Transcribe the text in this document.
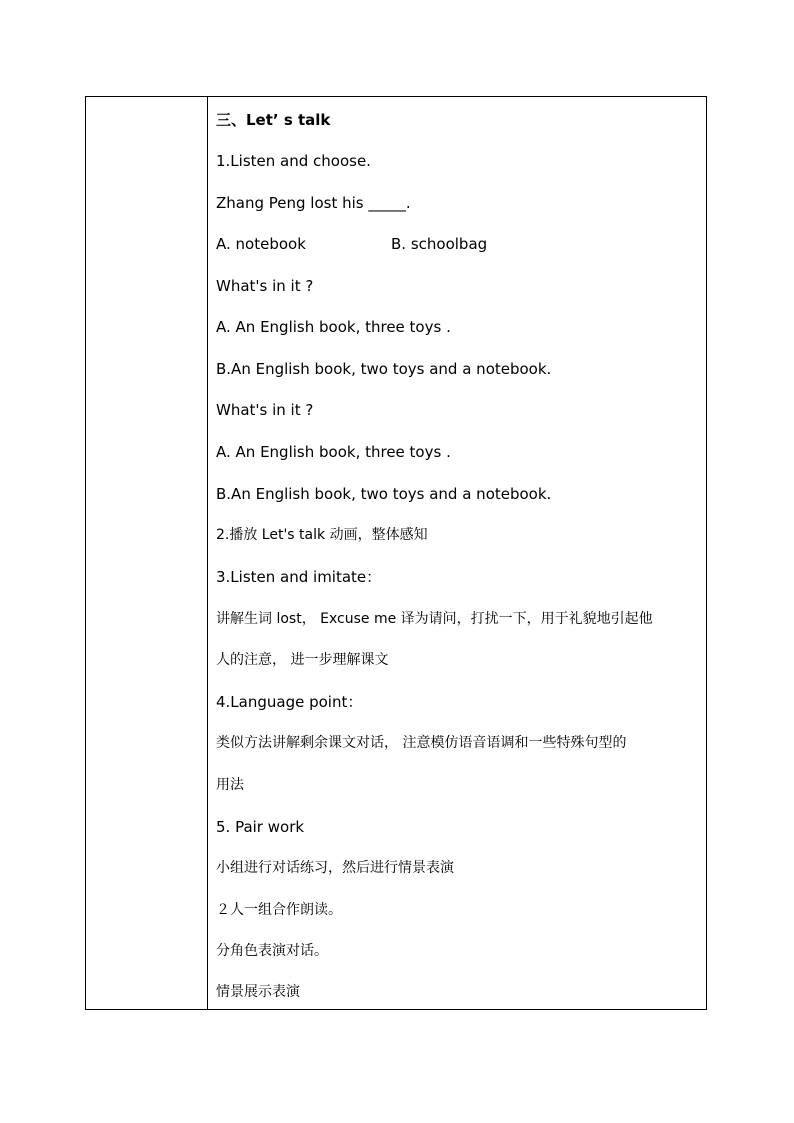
三、Let’ s talk
1.Listen and choose.
Zhang Peng lost his _____.
A. notebook	B. schoolbag
What's in it ?
A. An English book, three toys .
B.An English book, two toys and a notebook.
What's in it ?
A. An English book, three toys .
B.An English book, two toys and a notebook.
2.播放 Let's talk 动画，整体感知
3.Listen and imitate：
讲解生词 lost， Excuse me 译为请问，打扰一下，用于礼貌地引起他
人的注意， 进一步理解课文
4.Language point：
类似方法讲解剩余课文对话， 注意模仿语音语调和一些特殊句型的
用法
5. Pair work
小组进行对话练习，然后进行情景表演
２人一组合作朗读。
分角色表演对话。
情景展示表演
